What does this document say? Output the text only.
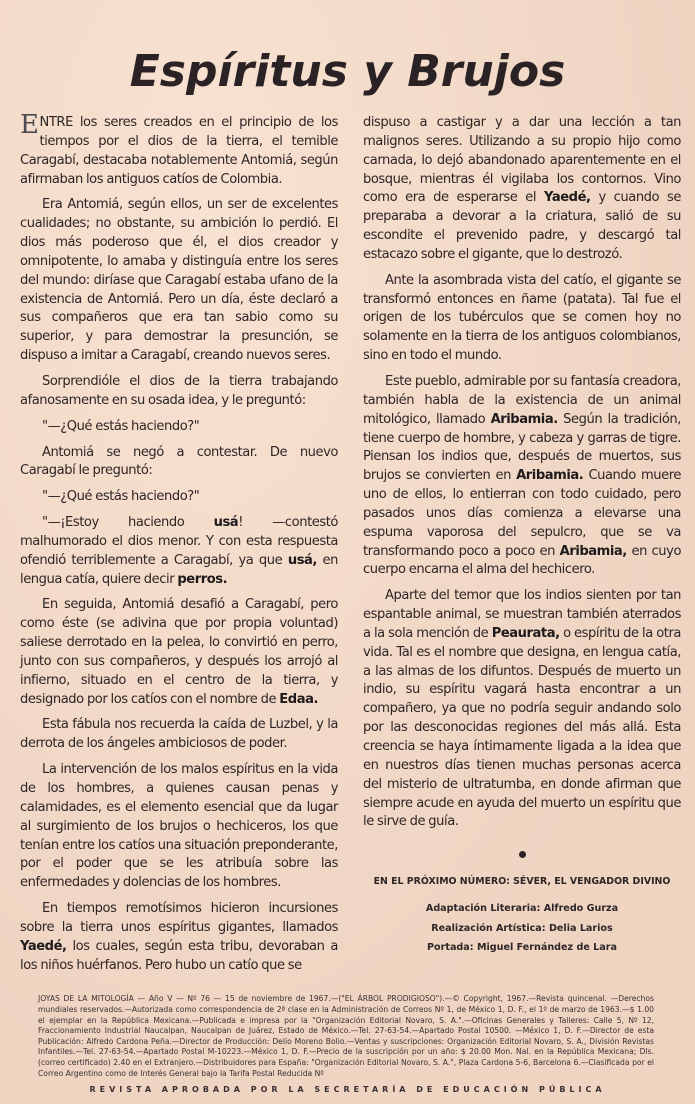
Espíritus y Brujos

ENTRE los seres creados en el principio de los tiempos por el dios de la tierra, el temible Caragabí, destacaba notablemente Antomiá, según afirmaban los antiguos catíos de Colombia.

Era Antomiá, según ellos, un ser de excelentes cualidades; no obstante, su ambición lo perdió. El dios más poderoso que él, el dios creador y omnipotente, lo amaba y distinguía entre los seres del mundo: diríase que Caragabí estaba ufano de la existencia de Antomiá. Pero un día, éste declaró a sus compañeros que era tan sabio como su superior, y para demostrar la presunción, se dispuso a imitar a Caragabí, creando nuevos seres.

Sorprendióle el dios de la tierra trabajando afanosamente en su osada idea, y le preguntó:

"—¿Qué estás haciendo?"

Antomiá se negó a contestar. De nuevo Caragabí le preguntó:

"—¿Qué estás haciendo?"

"—¡Estoy haciendo usá! —contestó malhumorado el dios menor. Y con esta respuesta ofendió terriblemente a Caragabí, ya que usá, en lengua catía, quiere decir perros.

En seguida, Antomiá desafió a Caragabí, pero como éste (se adivina que por propia voluntad) saliese derrotado en la pelea, lo convirtió en perro, junto con sus compañeros, y después los arrojó al infierno, situado en el centro de la tierra, y designado por los catíos con el nombre de Edaa.

Esta fábula nos recuerda la caída de Luzbel, y la derrota de los ángeles ambiciosos de poder.

La intervención de los malos espíritus en la vida de los hombres, a quienes causan penas y calamidades, es el elemento esencial que da lugar al surgimiento de los brujos o hechiceros, los que tenían entre los catíos una situación preponderante, por el poder que se les atribuía sobre las enfermedades y dolencias de los hombres.

En tiempos remotísimos hicieron incursiones sobre la tierra unos espíritus gigantes, llamados Yaedé, los cuales, según esta tribu, devoraban a los niños huérfanos. Pero hubo un catío que se

dispuso a castigar y a dar una lección a tan malignos seres. Utilizando a su propio hijo como carnada, lo dejó abandonado aparentemente en el bosque, mientras él vigilaba los contornos. Vino como era de esperarse el Yaedé, y cuando se preparaba a devorar a la criatura, salió de su escondite el prevenido padre, y descargó tal estacazo sobre el gigante, que lo destrozó.

Ante la asombrada vista del catío, el gigante se transformó entonces en ñame (patata). Tal fue el origen de los tubérculos que se comen hoy no solamente en la tierra de los antiguos colombianos, sino en todo el mundo.

Este pueblo, admirable por su fantasía creadora, también habla de la existencia de un animal mitológico, llamado Aribamia. Según la tradición, tiene cuerpo de hombre, y cabeza y garras de tigre. Piensan los indios que, después de muertos, sus brujos se convierten en Aribamia. Cuando muere uno de ellos, lo entierran con todo cuidado, pero pasados unos días comienza a elevarse una espuma vaporosa del sepulcro, que se va transformando poco a poco en Aribamia, en cuyo cuerpo encarna el alma del hechicero.

Aparte del temor que los indios sienten por tan espantable animal, se muestran también aterrados a la sola mención de Peaurata, o espíritu de la otra vida. Tal es el nombre que designa, en lengua catía, a las almas de los difuntos. Después de muerto un indio, su espíritu vagará hasta encontrar a un compañero, ya que no podría seguir andando solo por las desconocidas regiones del más allá. Esta creencia se haya íntimamente ligada a la idea que en nuestros días tienen muchas personas acerca del misterio de ultratumba, en donde afirman que siempre acude en ayuda del muerto un espíritu que le sirve de guía.

EN EL PRÓXIMO NÚMERO: SÉVER, EL VENGADOR DIVINO
Adaptación Literaria: Alfredo Gurza
Realización Artística: Delia Larios
Portada: Miguel Fernández de Lara
JOYAS DE LA MITOLOGÍA — Año V — Nº 76 — 15 de noviembre de 1967.—("EL ÁRBOL PRODIGIOSO").—© Copyright, 1967.—Revista quincenal. —Derechos mundiales reservados.—Autorizada como correspondencia de 2ª clase en la Administración de Correos Nº 1, de México 1, D. F., el 1º de marzo de 1963.—$ 1.00 el ejemplar en la República Mexicana.—Publicada e impresa por la "Organización Editorial Novaro, S. A.".—Oficinas Generales y Talleres: Calle 5, Nº 12, Fraccionamiento Industrial Naucalpan, Naucalpan de Juárez, Estado de México.—Tel. 27-63-54.—Apartado Postal 10500. —México 1, D. F.—Director de esta Publicación: Alfredo Cardona Peña.—Director de Producción: Delio Moreno Bolio.—Ventas y suscripciones: Organización Editorial Novaro, S. A., División Revistas Infantiles.—Tel. 27-63-54.—Apartado Postal M-10223.—México 1, D. F.—Precio de la suscripción por un año: $ 20.00 Mon. Nal. en la República Mexicana; Dls. (correo certificado) 2.40 en el Extranjero.—Distribuidores para España: "Organización Editorial Novaro, S. A.", Plaza Cardona 5-6, Barcelona 6.—Clasificada por el Correo Argentino como de Interés General bajo la Tarifa Postal Reducida Nº
REVISTA APROBADA POR LA SECRETARÍA DE EDUCACIÓN PÚBLICA
